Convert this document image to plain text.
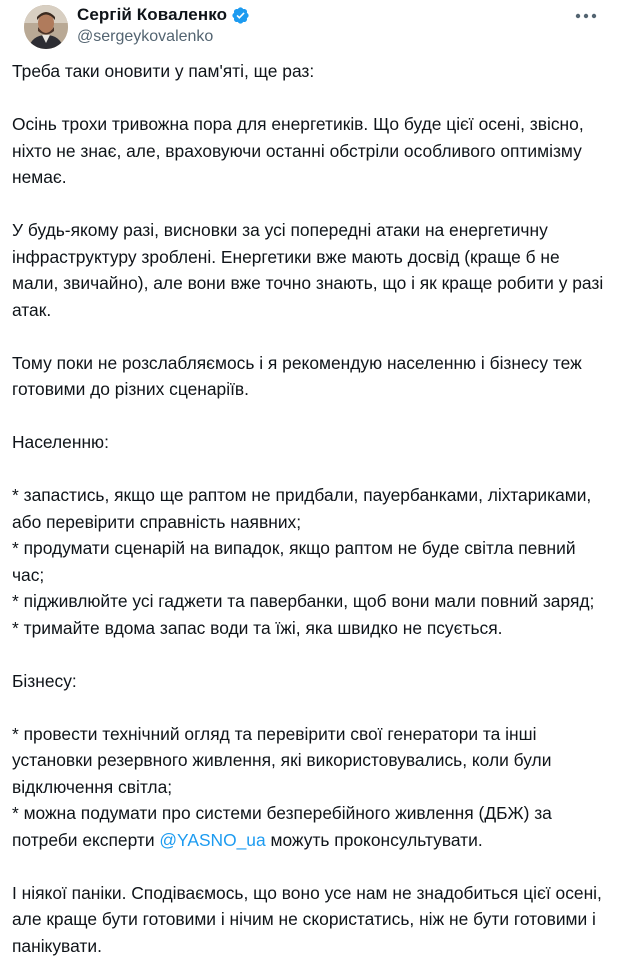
Сергій Коваленко
@sergeykovalenko

Треба таки оновити у пам'яті, ще раз:

Осінь трохи тривожна пора для енергетиків. Що буде цієї осені, звісно, ніхто не знає, але, враховуючи останні обстріли особливого оптимізму немає.

У будь-якому разі, висновки за усі попередні атаки на енергетичну інфраструктуру зроблені. Енергетики вже мають досвід (краще б не мали, звичайно), але вони вже точно знають, що і як краще робити у разі атак.

Тому поки не розслабляємось і я рекомендую населенню і бізнесу теж готовими до різних сценаріїв.

Населенню:

* запастись, якщо ще раптом не придбали, пауербанками, ліхтариками, або перевірити справність наявних;
* продумати сценарій на випадок, якщо раптом не буде світла певний час;
* підживлюйте усі гаджети та павербанки, щоб вони мали повний заряд;
* тримайте вдома запас води та їжі, яка швидко не псується.

Бізнесу:

* провести технічний огляд та перевірити свої генератори та інші установки резервного живлення, які використовувались, коли були відключення світла;
* можна подумати про системи безперебійного живлення (ДБЖ) за потреби експерти @YASNO_ua можуть проконсультувати.

І ніякої паніки. Сподіваємось, що воно усе нам не знадобиться цієї осені, але краще бути готовими і нічим не скористатись, ніж не бути готовими і панікувати.
